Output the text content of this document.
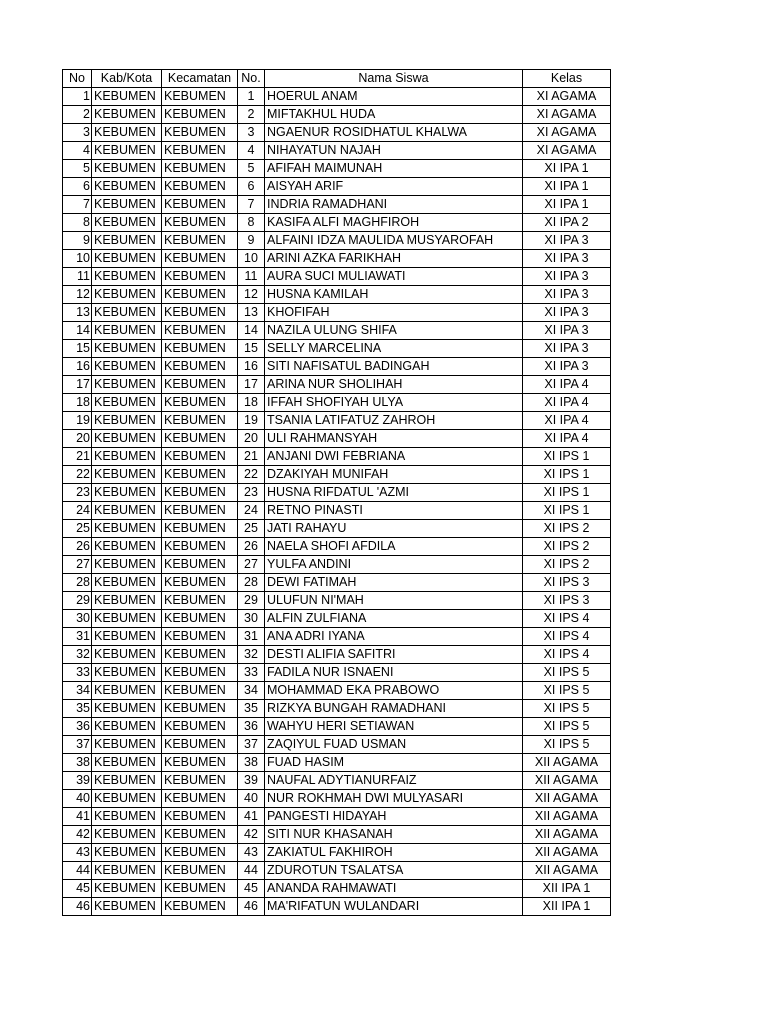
No	Kab/Kota	Kecamatan	No.	Nama Siswa	Kelas
1	KEBUMEN	KEBUMEN	1	HOERUL ANAM	XI AGAMA
2	KEBUMEN	KEBUMEN	2	MIFTAKHUL HUDA	XI AGAMA
3	KEBUMEN	KEBUMEN	3	NGAENUR ROSIDHATUL KHALWA	XI AGAMA
4	KEBUMEN	KEBUMEN	4	NIHAYATUN NAJAH	XI AGAMA
5	KEBUMEN	KEBUMEN	5	AFIFAH MAIMUNAH	XI IPA 1
6	KEBUMEN	KEBUMEN	6	AISYAH ARIF	XI IPA 1
7	KEBUMEN	KEBUMEN	7	INDRIA RAMADHANI	XI IPA 1
8	KEBUMEN	KEBUMEN	8	KASIFA ALFI MAGHFIROH	XI IPA 2
9	KEBUMEN	KEBUMEN	9	ALFAINI IDZA MAULIDA MUSYAROFAH	XI IPA 3
10	KEBUMEN	KEBUMEN	10	ARINI AZKA FARIKHAH	XI IPA 3
11	KEBUMEN	KEBUMEN	11	AURA SUCI MULIAWATI	XI IPA 3
12	KEBUMEN	KEBUMEN	12	HUSNA KAMILAH	XI IPA 3
13	KEBUMEN	KEBUMEN	13	KHOFIFAH	XI IPA 3
14	KEBUMEN	KEBUMEN	14	NAZILA ULUNG SHIFA	XI IPA 3
15	KEBUMEN	KEBUMEN	15	SELLY MARCELINA	XI IPA 3
16	KEBUMEN	KEBUMEN	16	SITI NAFISATUL BADINGAH	XI IPA 3
17	KEBUMEN	KEBUMEN	17	ARINA NUR SHOLIHAH	XI IPA 4
18	KEBUMEN	KEBUMEN	18	IFFAH SHOFIYAH ULYA	XI IPA 4
19	KEBUMEN	KEBUMEN	19	TSANIA LATIFATUZ ZAHROH	XI IPA 4
20	KEBUMEN	KEBUMEN	20	ULI RAHMANSYAH	XI IPA 4
21	KEBUMEN	KEBUMEN	21	ANJANI DWI FEBRIANA	XI IPS 1
22	KEBUMEN	KEBUMEN	22	DZAKIYAH MUNIFAH	XI IPS 1
23	KEBUMEN	KEBUMEN	23	HUSNA RIFDATUL 'AZMI	XI IPS 1
24	KEBUMEN	KEBUMEN	24	RETNO PINASTI	XI IPS 1
25	KEBUMEN	KEBUMEN	25	JATI RAHAYU	XI IPS 2
26	KEBUMEN	KEBUMEN	26	NAELA SHOFI AFDILA	XI IPS 2
27	KEBUMEN	KEBUMEN	27	YULFA ANDINI	XI IPS 2
28	KEBUMEN	KEBUMEN	28	DEWI FATIMAH	XI IPS 3
29	KEBUMEN	KEBUMEN	29	ULUFUN NI'MAH	XI IPS 3
30	KEBUMEN	KEBUMEN	30	ALFIN ZULFIANA	XI IPS 4
31	KEBUMEN	KEBUMEN	31	ANA ADRI IYANA	XI IPS 4
32	KEBUMEN	KEBUMEN	32	DESTI ALIFIA SAFITRI	XI IPS 4
33	KEBUMEN	KEBUMEN	33	FADILA NUR ISNAENI	XI IPS 5
34	KEBUMEN	KEBUMEN	34	MOHAMMAD EKA PRABOWO	XI IPS 5
35	KEBUMEN	KEBUMEN	35	RIZKYA BUNGAH RAMADHANI	XI IPS 5
36	KEBUMEN	KEBUMEN	36	WAHYU HERI SETIAWAN	XI IPS 5
37	KEBUMEN	KEBUMEN	37	ZAQIYUL FUAD USMAN	XI IPS 5
38	KEBUMEN	KEBUMEN	38	FUAD HASIM	XII AGAMA
39	KEBUMEN	KEBUMEN	39	NAUFAL ADYTIANURFAIZ	XII AGAMA
40	KEBUMEN	KEBUMEN	40	NUR ROKHMAH DWI MULYASARI	XII AGAMA
41	KEBUMEN	KEBUMEN	41	PANGESTI HIDAYAH	XII AGAMA
42	KEBUMEN	KEBUMEN	42	SITI NUR KHASANAH	XII AGAMA
43	KEBUMEN	KEBUMEN	43	ZAKIATUL FAKHIROH	XII AGAMA
44	KEBUMEN	KEBUMEN	44	ZDUROTUN TSALATSA	XII AGAMA
45	KEBUMEN	KEBUMEN	45	ANANDA RAHMAWATI	XII IPA 1
46	KEBUMEN	KEBUMEN	46	MA'RIFATUN WULANDARI	XII IPA 1
